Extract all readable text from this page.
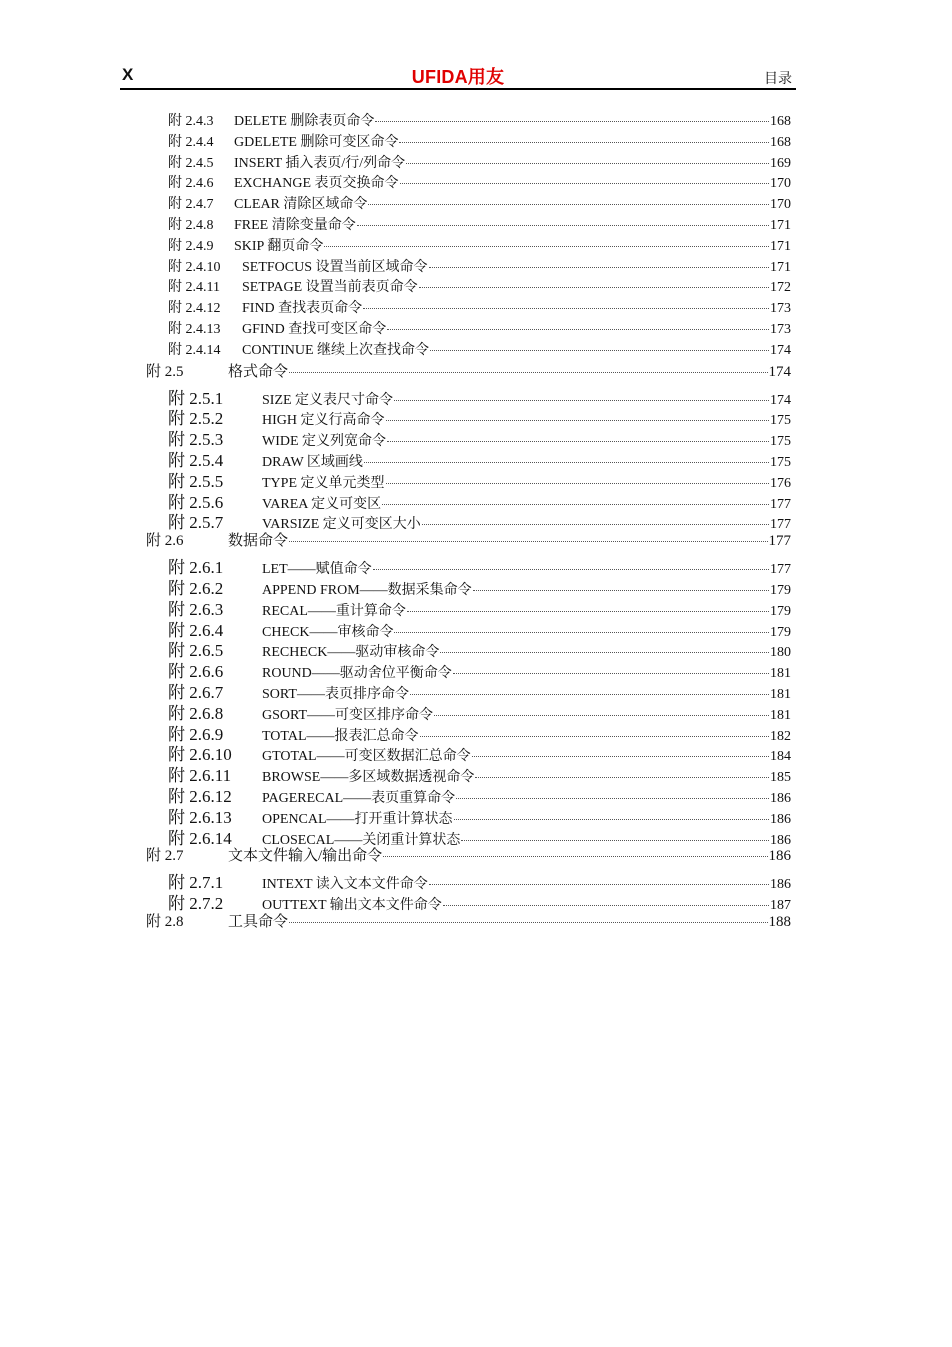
X	UFIDA用友	目录
附 2.4.3	DELETE 删除表页命令	168
附 2.4.4	GDELETE 删除可变区命令	168
附 2.4.5	INSERT 插入表页/行/列命令	169
附 2.4.6	EXCHANGE 表页交换命令	170
附 2.4.7	CLEAR 清除区域命令	170
附 2.4.8	FREE 清除变量命令	171
附 2.4.9	SKIP 翻页命令	171
附 2.4.10	SETFOCUS 设置当前区域命令	171
附 2.4.11	SETPAGE 设置当前表页命令	172
附 2.4.12	FIND 查找表页命令	173
附 2.4.13	GFIND 查找可变区命令	173
附 2.4.14	CONTINUE 继续上次查找命令	174
附 2.5	格式命令	174
附 2.5.1	SIZE 定义表尺寸命令	174
附 2.5.2	HIGH 定义行高命令	175
附 2.5.3	WIDE 定义列宽命令	175
附 2.5.4	DRAW 区域画线	175
附 2.5.5	TYPE 定义单元类型	176
附 2.5.6	VAREA 定义可变区	177
附 2.5.7	VARSIZE 定义可变区大小	177
附 2.6	数据命令	177
附 2.6.1	LET——赋值命令	177
附 2.6.2	APPEND FROM——数据采集命令	179
附 2.6.3	RECAL——重计算命令	179
附 2.6.4	CHECK——审核命令	179
附 2.6.5	RECHECK——驱动审核命令	180
附 2.6.6	ROUND——驱动舍位平衡命令	181
附 2.6.7	SORT——表页排序命令	181
附 2.6.8	GSORT——可变区排序命令	181
附 2.6.9	TOTAL——报表汇总命令	182
附 2.6.10	GTOTAL——可变区数据汇总命令	184
附 2.6.11	BROWSE——多区域数据透视命令	185
附 2.6.12	PAGERECAL——表页重算命令	186
附 2.6.13	OPENCAL——打开重计算状态	186
附 2.6.14	CLOSECAL——关闭重计算状态	186
附 2.7	文本文件输入/输出命令	186
附 2.7.1	INTEXT 读入文本文件命令	186
附 2.7.2	OUTTEXT 输出文本文件命令	187
附 2.8	工具命令	188
